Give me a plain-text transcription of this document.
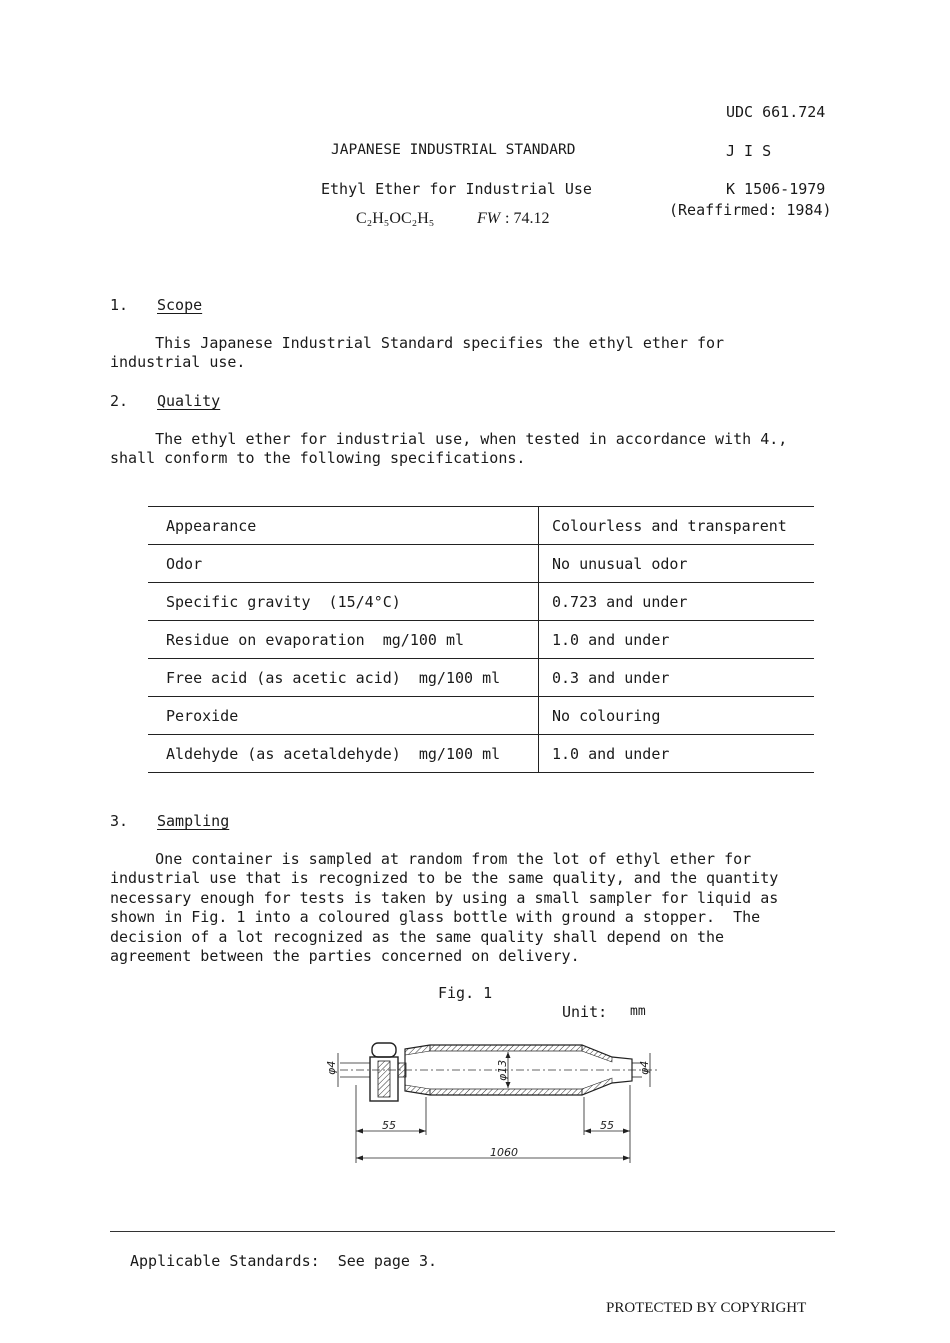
UDC 661.724
JAPANESE INDUSTRIAL STANDARD	J I S
Ethyl Ether for Industrial Use	K 1506-1979
(Reaffirmed: 1984)
C₂H₅OC₂H₅	FW : 74.12
1. Scope
This Japanese Industrial Standard specifies the ethyl ether for
industrial use.
2. Quality
The ethyl ether for industrial use, when tested in accordance with 4.,
shall conform to the following specifications.
Appearance	Colourless and transparent
Odor	No unusual odor
Specific gravity  (15/4°C)	0.723 and under
Residue on evaporation  mg/100 ml	1.0 and under
Free acid (as acetic acid)  mg/100 ml	0.3 and under
Peroxide	No colouring
Aldehyde (as acetaldehyde)  mg/100 ml	1.0 and under
3. Sampling
One container is sampled at random from the lot of ethyl ether for
industrial use that is recognized to be the same quality, and the quantity
necessary enough for tests is taken by using a small sampler for liquid as
shown in Fig. 1 into a coloured glass bottle with ground a stopper.  The
decision of a lot recognized as the same quality shall depend on the
agreement between the parties concerned on delivery.
Fig. 1
Unit: mm
55	55
1060
φ4	φ4
φ13
Applicable Standards:  See page 3.
PROTECTED BY COPYRIGHT
